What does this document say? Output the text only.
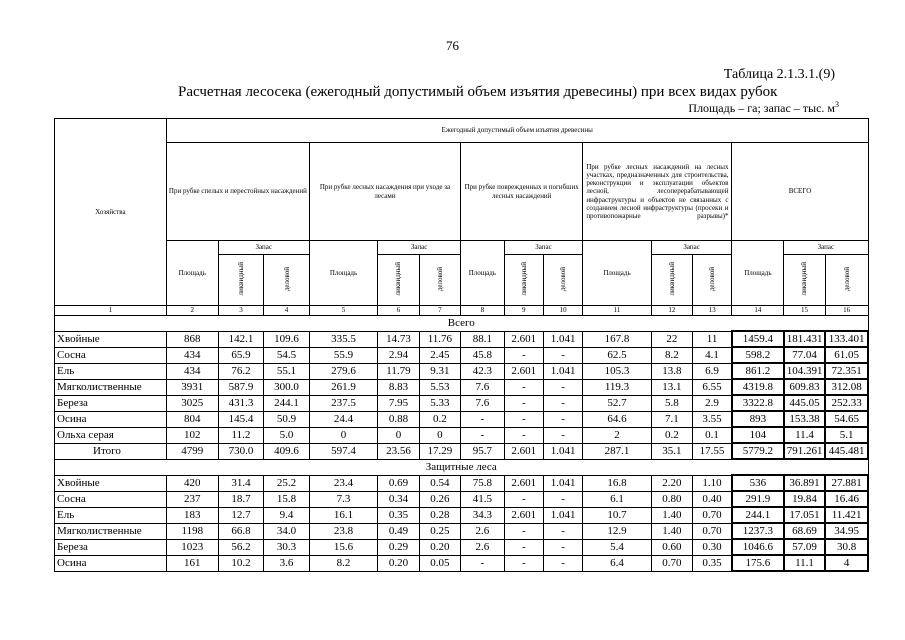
76
Таблица 2.1.3.1.(9)
Расчетная лесосека (ежегодный допустимый объем изъятия древесины) при всех видах рубок
Площадь – га; запас – тыс. $м^3$
Хозяйства	Ежегодный допустимый объем изъятия древесины														
	При рубке спелых и перестойных насаждений			При рубке лесных насаждения при уходе за лесами			При рубке поврежденных и погибших лесных насаждений			При рубке лесных насаждений на лесных участках, предназначенных для строительства, реконструкции и эксплуатации объектов лесной, лесоперерабатывающей инфраструктуры и объектов не связанных с созданием лесной инфраструктуры (просеки и противопожарные разрывы)*			ВСЕГО		
	Площадь	Запас		Площадь	Запас		Площадь	Запас		Площадь	Запас		Площадь	Запас	
		ликвидный	деловой		ликвидный	деловой		ликвидный	деловой		ликвидный	деловой		ликвидный	деловой
1	2	3	4	5	6	7	8	9	10	11	12	13	14	15	16
Всего															
Хвойные	868	142.1	109.6	335.5	14.73	11.76	88.1	2.601	1.041	167.8	22	11	1459.4	181.431	133.401
Сосна	434	65.9	54.5	55.9	2.94	2.45	45.8	-	-	62.5	8.2	4.1	598.2	77.04	61.05
Ель	434	76.2	55.1	279.6	11.79	9.31	42.3	2.601	1.041	105.3	13.8	6.9	861.2	104.391	72.351
Мягколиственные	3931	587.9	300.0	261.9	8.83	5.53	7.6	-	-	119.3	13.1	6.55	4319.8	609.83	312.08
Береза	3025	431.3	244.1	237.5	7.95	5.33	7.6	-	-	52.7	5.8	2.9	3322.8	445.05	252.33
Осина	804	145.4	50.9	24.4	0.88	0.2	-	-	-	64.6	7.1	3.55	893	153.38	54.65
Ольха серая	102	11.2	5.0	0	0	0	-	-	-	2	0.2	0.1	104	11.4	5.1
Итого	4799	730.0	409.6	597.4	23.56	17.29	95.7	2.601	1.041	287.1	35.1	17.55	5779.2	791.261	445.481
Защитные леса															
Хвойные	420	31.4	25.2	23.4	0.69	0.54	75.8	2.601	1.041	16.8	2.20	1.10	536	36.891	27.881
Сосна	237	18.7	15.8	7.3	0.34	0.26	41.5	-	-	6.1	0.80	0.40	291.9	19.84	16.46
Ель	183	12.7	9.4	16.1	0.35	0.28	34.3	2.601	1.041	10.7	1.40	0.70	244.1	17.051	11.421
Мягколиственные	1198	66.8	34.0	23.8	0.49	0.25	2.6	-	-	12.9	1.40	0.70	1237.3	68.69	34.95
Береза	1023	56.2	30.3	15.6	0.29	0.20	2.6	-	-	5.4	0.60	0.30	1046.6	57.09	30.8
Осина	161	10.2	3.6	8.2	0.20	0.05	-	-	-	6.4	0.70	0.35	175.6	11.1	4
